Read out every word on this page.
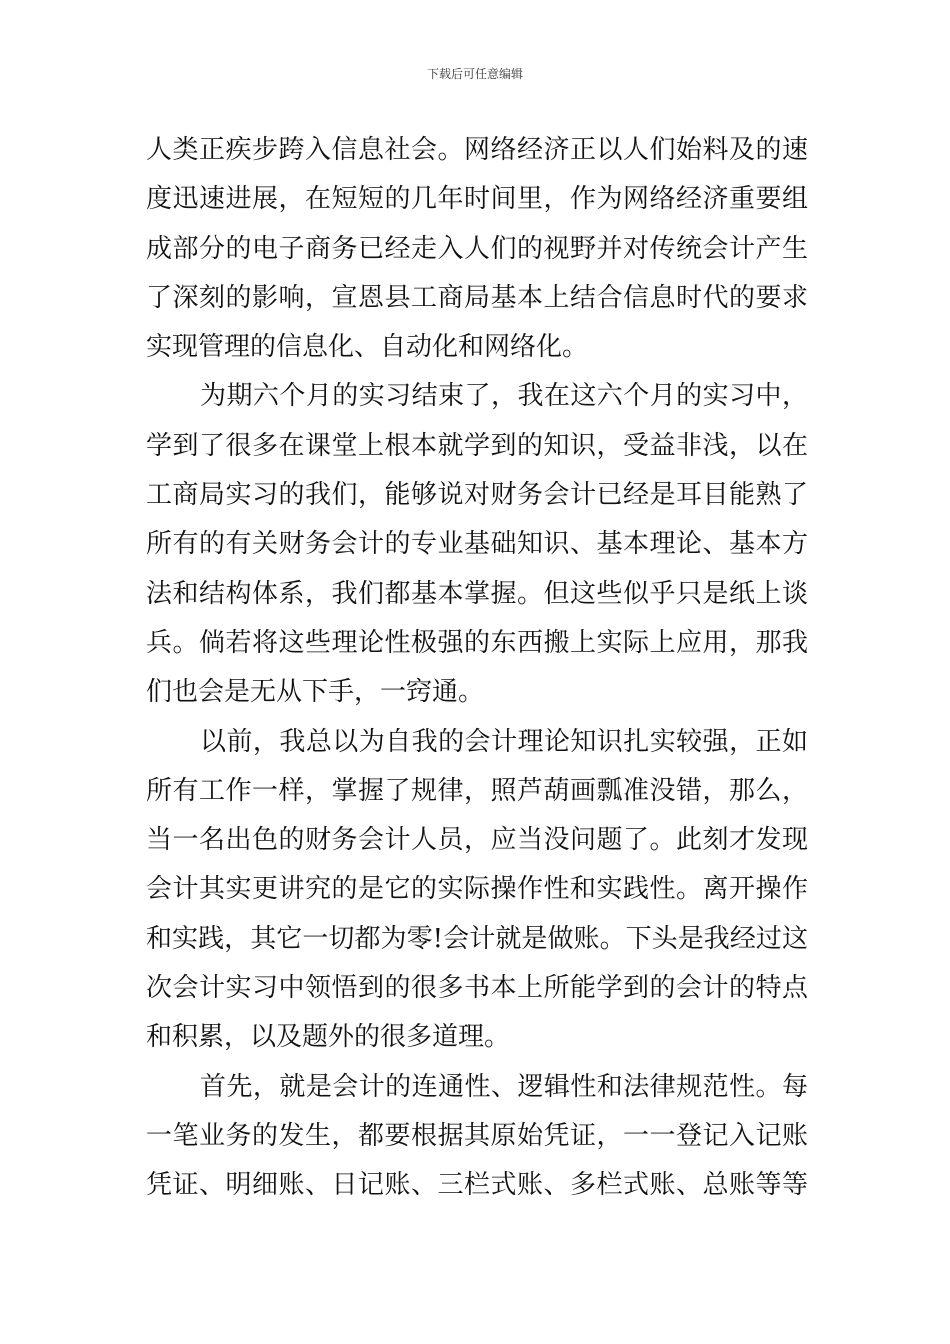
下载后可任意编辑
人类正疾步跨入信息社会。网络经济正以人们始料及的速
度迅速进展，在短短的几年时间里，作为网络经济重要组
成部分的电子商务已经走入人们的视野并对传统会计产生
了深刻的影响，宣恩县工商局基本上结合信息时代的要求
实现管理的信息化、自动化和网络化。
为期六个月的实习结束了，我在这六个月的实习中，
学到了很多在课堂上根本就学到的知识，受益非浅，以在
工商局实习的我们，能够说对财务会计已经是耳目能熟了
所有的有关财务会计的专业基础知识、基本理论、基本方
法和结构体系，我们都基本掌握。但这些似乎只是纸上谈
兵。倘若将这些理论性极强的东西搬上实际上应用，那我
们也会是无从下手，一窍通。
以前，我总以为自我的会计理论知识扎实较强，正如
所有工作一样，掌握了规律，照芦葫画瓢准没错，那么，
当一名出色的财务会计人员，应当没问题了。此刻才发现
会计其实更讲究的是它的实际操作性和实践性。离开操作
和实践，其它一切都为零!会计就是做账。下头是我经过这
次会计实习中领悟到的很多书本上所能学到的会计的特点
和积累，以及题外的很多道理。
首先，就是会计的连通性、逻辑性和法律规范性。每
一笔业务的发生，都要根据其原始凭证，一一登记入记账
凭证、明细账、日记账、三栏式账、多栏式账、总账等等
